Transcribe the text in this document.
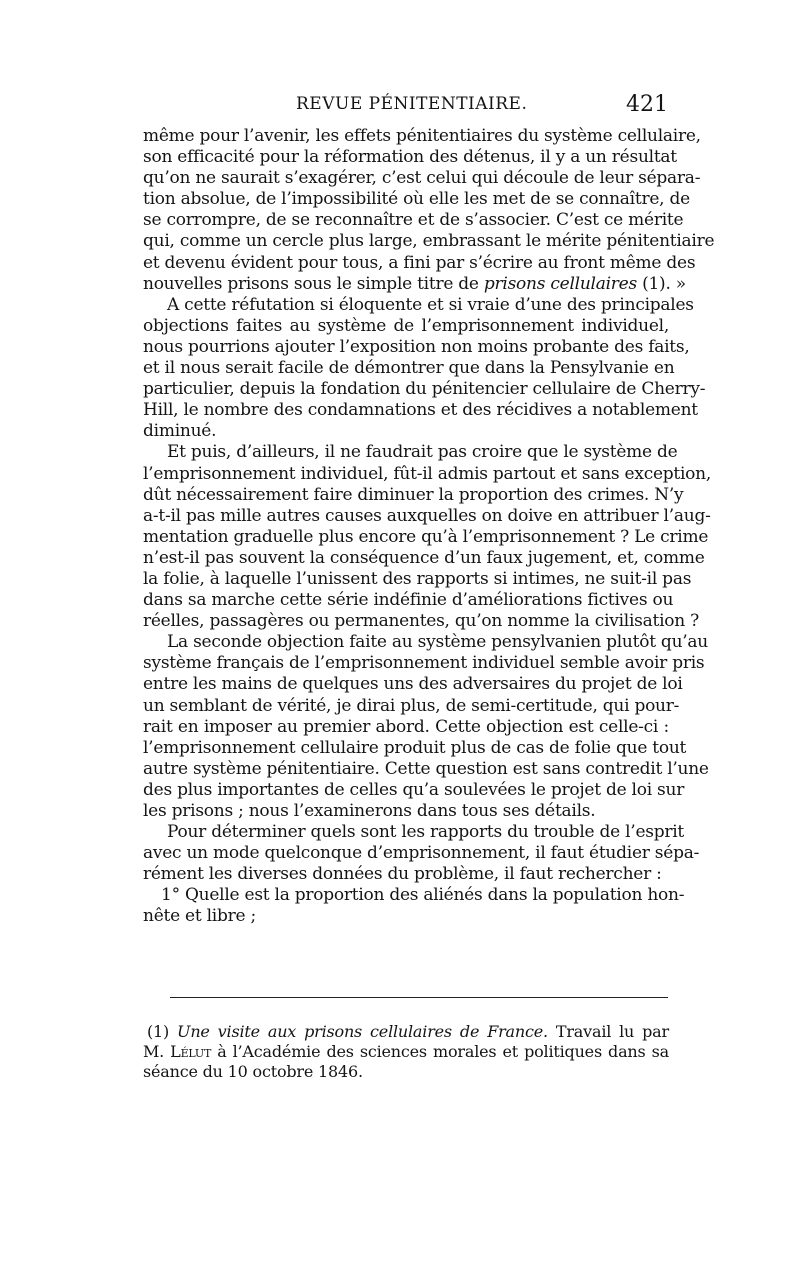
REVUE PÉNITENTIAIRE.	421
même pour l’avenir, les effets pénitentiaires du système cellulaire,
son efficacité pour la réformation des détenus, il y a un résultat
qu’on ne saurait s’exagérer, c’est celui qui découle de leur sépara-
tion absolue, de l’impossibilité où elle les met de se connaître, de
se corrompre, de se reconnaître et de s’associer. C’est ce mérite
qui, comme un cercle plus large, embrassant le mérite pénitentiaire
et devenu évident pour tous, a fini par s’écrire au front même des
nouvelles prisons sous le simple titre de prisons cellulaires (1). »
A cette réfutation si éloquente et si vraie d’une des principales
objections faites au système de l’emprisonnement individuel,
nous pourrions ajouter l’exposition non moins probante des faits,
et il nous serait facile de démontrer que dans la Pensylvanie en
particulier, depuis la fondation du pénitencier cellulaire de Cherry-
Hill, le nombre des condamnations et des récidives a notablement
diminué.
Et puis, d’ailleurs, il ne faudrait pas croire que le système de
l’emprisonnement individuel, fût-il admis partout et sans exception,
dût nécessairement faire diminuer la proportion des crimes. N’y
a-t-il pas mille autres causes auxquelles on doive en attribuer l’aug-
mentation graduelle plus encore qu’à l’emprisonnement ? Le crime
n’est-il pas souvent la conséquence d’un faux jugement, et, comme
la folie, à laquelle l’unissent des rapports si intimes, ne suit-il pas
dans sa marche cette série indéfinie d’améliorations fictives ou
réelles, passagères ou permanentes, qu’on nomme la civilisation ?
La seconde objection faite au système pensylvanien plutôt qu’au
système français de l’emprisonnement individuel semble avoir pris
entre les mains de quelques uns des adversaires du projet de loi
un semblant de vérité, je dirai plus, de semi-certitude, qui pour-
rait en imposer au premier abord. Cette objection est celle-ci :
l’emprisonnement cellulaire produit plus de cas de folie que tout
autre système pénitentiaire. Cette question est sans contredit l’une
des plus importantes de celles qu’a soulevées le projet de loi sur
les prisons ; nous l’examinerons dans tous ses détails.
Pour déterminer quels sont les rapports du trouble de l’esprit
avec un mode quelconque d’emprisonnement, il faut étudier sépa-
rément les diverses données du problème, il faut rechercher :
1° Quelle est la proportion des aliénés dans la population hon-
nête et libre ;
(1) Une visite aux prisons cellulaires de France. Travail lu par
M. Lélut à l’Académie des sciences morales et politiques dans sa
séance du 10 octobre 1846.
